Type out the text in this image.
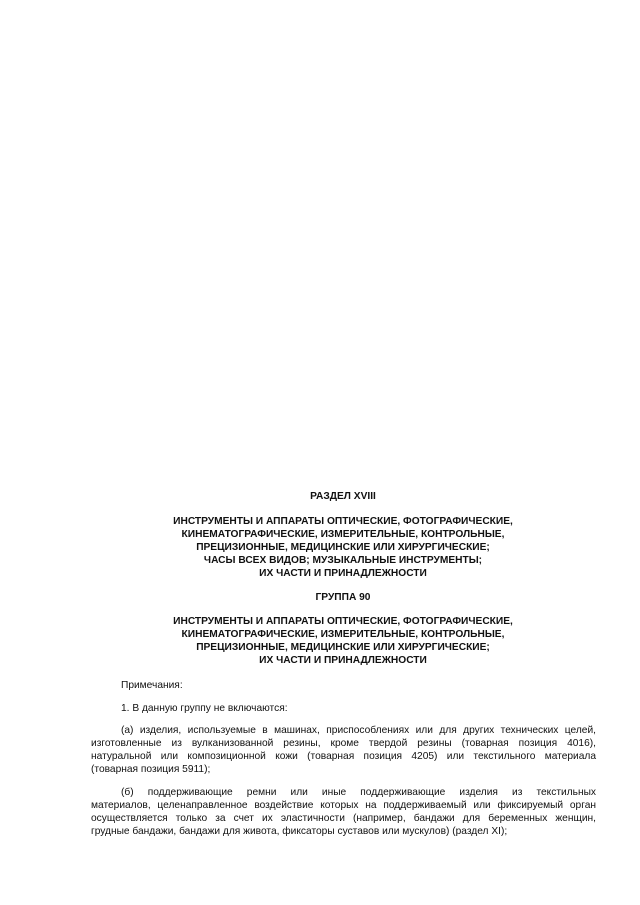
РАЗДЕЛ XVIII

ИНСТРУМЕНТЫ И АППАРАТЫ ОПТИЧЕСКИЕ, ФОТОГРАФИЧЕСКИЕ,
КИНЕМАТОГРАФИЧЕСКИЕ, ИЗМЕРИТЕЛЬНЫЕ, КОНТРОЛЬНЫЕ,
ПРЕЦИЗИОННЫЕ, МЕДИЦИНСКИЕ ИЛИ ХИРУРГИЧЕСКИЕ;
ЧАСЫ ВСЕХ ВИДОВ; МУЗЫКАЛЬНЫЕ ИНСТРУМЕНТЫ;
ИХ ЧАСТИ И ПРИНАДЛЕЖНОСТИ

ГРУППА 90

ИНСТРУМЕНТЫ И АППАРАТЫ ОПТИЧЕСКИЕ, ФОТОГРАФИЧЕСКИЕ,
КИНЕМАТОГРАФИЧЕСКИЕ, ИЗМЕРИТЕЛЬНЫЕ, КОНТРОЛЬНЫЕ,
ПРЕЦИЗИОННЫЕ, МЕДИЦИНСКИЕ ИЛИ ХИРУРГИЧЕСКИЕ;
ИХ ЧАСТИ И ПРИНАДЛЕЖНОСТИ

Примечания:

1. В данную группу не включаются:

(а) изделия, используемые в машинах, приспособлениях или для других технических целей,
изготовленные из вулканизованной резины, кроме твердой резины (товарная позиция 4016),
натуральной или композиционной кожи (товарная позиция 4205) или текстильного материала
(товарная позиция 5911);

(б) поддерживающие ремни или иные поддерживающие изделия из текстильных
материалов, целенаправленное воздействие которых на поддерживаемый или фиксируемый орган
осуществляется только за счет их эластичности (например, бандажи для беременных женщин,
грудные бандажи, бандажи для живота, фиксаторы суставов или мускулов) (раздел XI);
